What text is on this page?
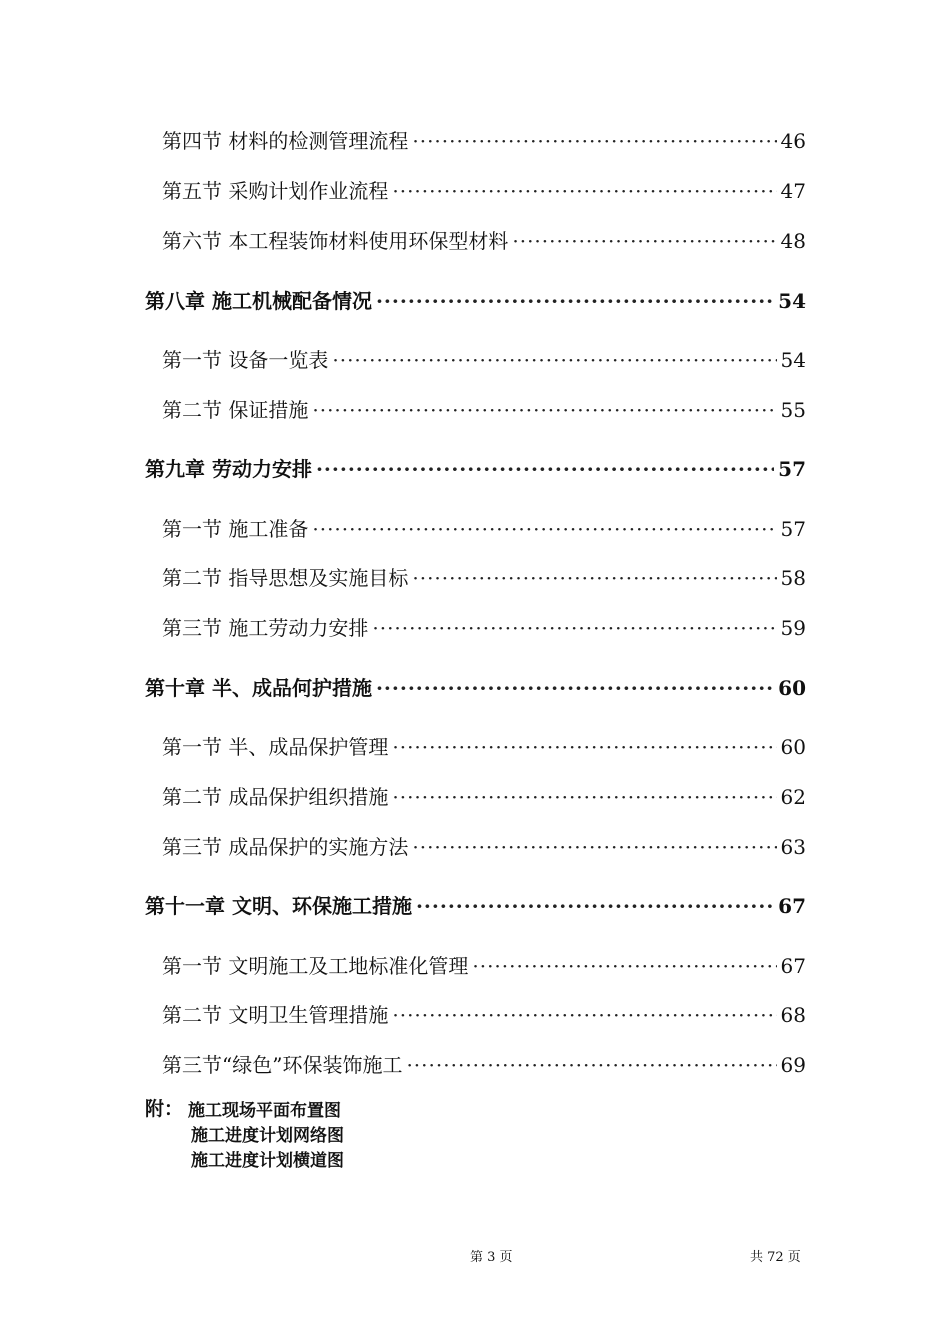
第四节 材料的检测管理流程 ·····	46
第五节 采购计划作业流程 ·····	47
第六节 本工程装饰材料使用环保型材料 ·····	48
第八章 施工机械配备情况 ·····	54
第一节 设备一览表 ·····	54
第二节 保证措施 ·····	55
第九章 劳动力安排 ·····	57
第一节 施工准备 ·····	57
第二节 指导思想及实施目标 ·····	58
第三节 施工劳动力安排 ·····	59
第十章 半、成品何护措施 ·····	60
第一节 半、成品保护管理 ·····	60
第二节 成品保护组织措施 ·····	62
第三节 成品保护的实施方法 ·····	63
第十一章 文明、环保施工措施 ·····	67
第一节 文明施工及工地标准化管理 ·····	67
第二节 文明卫生管理措施 ·····	68
第三节“绿色”环保装饰施工 ·····	69
附： 施工现场平面布置图
施工进度计划网络图
施工进度计划横道图
第 3 页	共 72 页
